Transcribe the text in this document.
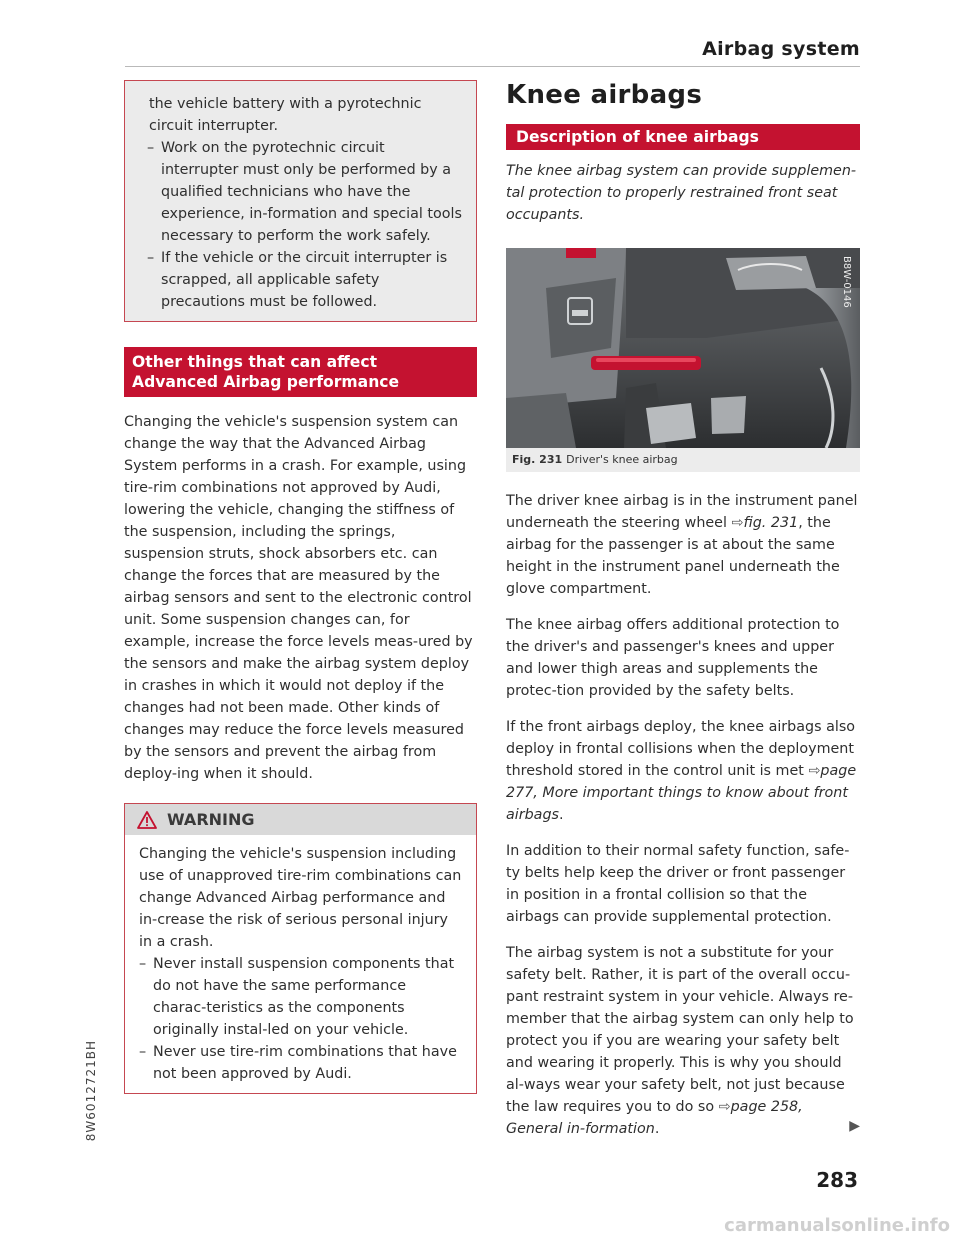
Airbag system

the vehicle battery with a pyrotechnic circuit interrupter.

– Work on the pyrotechnic circuit interrupter must only be performed by a qualified technicians who have the experience, in-formation and special tools necessary to perform the work safely.

– If the vehicle or the circuit interrupter is scrapped, all applicable safety precautions must be followed.

Other things that can affect Advanced Airbag performance

Changing the vehicle's suspension system can change the way that the Advanced Airbag System performs in a crash. For example, using tire-rim combinations not approved by Audi, lowering the vehicle, changing the stiffness of the suspension, including the springs, suspension struts, shock absorbers etc. can change the forces that are measured by the airbag sensors and sent to the electronic control unit. Some suspension changes can, for example, increase the force levels meas-ured by the sensors and make the airbag system deploy in crashes in which it would not deploy if the changes had not been made. Other kinds of changes may reduce the force levels measured by the sensors and prevent the airbag from deploy-ing when it should.

WARNING

Changing the vehicle's suspension including use of unapproved tire-rim combinations can change Advanced Airbag performance and in-crease the risk of serious personal injury in a crash.

– Never install suspension components that do not have the same performance charac-teristics as the components originally instal-led on your vehicle.

– Never use tire-rim combinations that have not been approved by Audi.

Knee airbags
Description of knee airbags

The knee airbag system can provide supplemen-tal protection to properly restrained front seat occupants.

B8W-0146
Fig. 231 Driver's knee airbag

The driver knee airbag is in the instrument panel underneath the steering wheel ⇨fig. 231, the airbag for the passenger is at about the same height in the instrument panel underneath the glove compartment.

The knee airbag offers additional protection to the driver's and passenger's knees and upper and lower thigh areas and supplements the protec-tion provided by the safety belts.

If the front airbags deploy, the knee airbags also deploy in frontal collisions when the deployment threshold stored in the control unit is met ⇨page 277, More important things to know about front airbags.

In addition to their normal safety function, safe-ty belts help keep the driver or front passenger in position in a frontal collision so that the airbags can provide supplemental protection.

The airbag system is not a substitute for your safety belt. Rather, it is part of the overall occu-pant restraint system in your vehicle. Always re-member that the airbag system can only help to protect you if you are wearing your safety belt and wearing it properly. This is why you should al-ways wear your safety belt, not just because the law requires you to do so ⇨page 258, General in-formation.	▶

283
8W6012721BH
carmanualsonline.info
